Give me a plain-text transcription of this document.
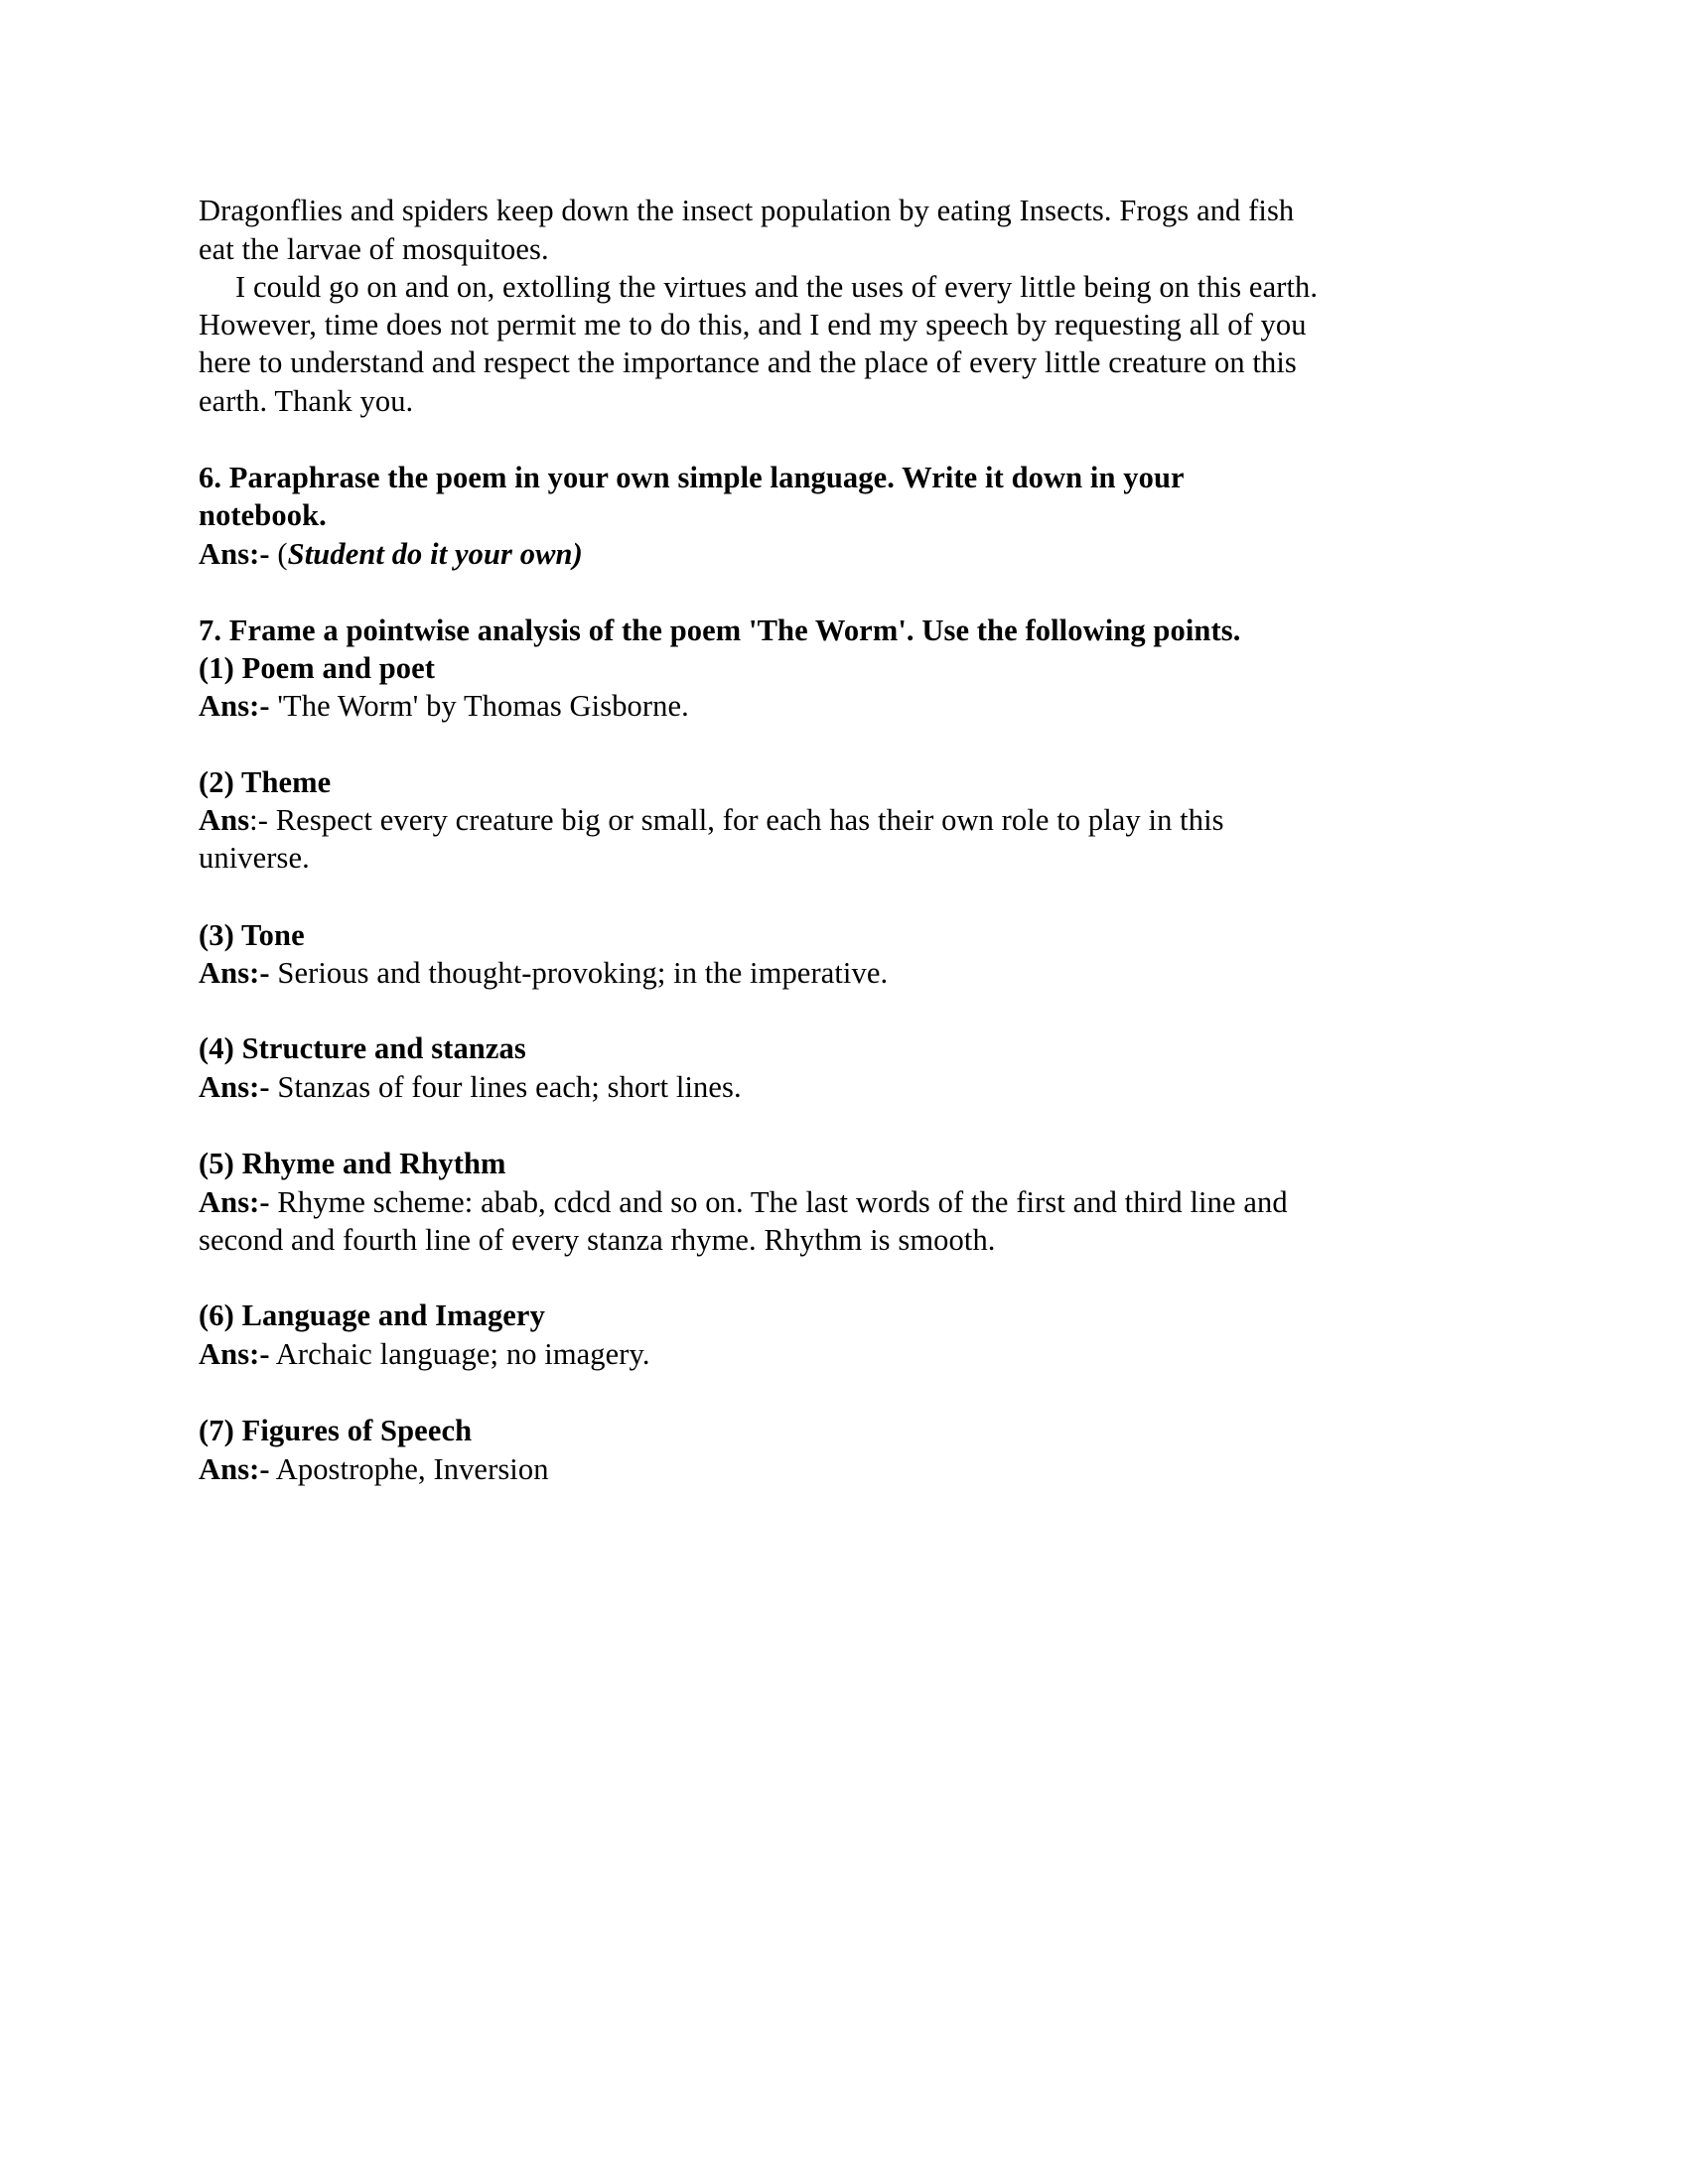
Dragonflies and spiders keep down the insect population by eating Insects. Frogs and fish
eat the larvae of mosquitoes.
I could go on and on, extolling the virtues and the uses of every little being on this earth.
However, time does not permit me to do this, and I end my speech by requesting all of you
here to understand and respect the importance and the place of every little creature on this
earth. Thank you.
6. Paraphrase the poem in your own simple language. Write it down in your
notebook.
Ans:- (Student do it your own)
7. Frame a pointwise analysis of the poem 'The Worm'. Use the following points.
(1) Poem and poet
Ans:- 'The Worm' by Thomas Gisborne.
(2) Theme
Ans:- Respect every creature big or small, for each has their own role to play in this
universe.
(3) Tone
Ans:- Serious and thought-provoking; in the imperative.
(4) Structure and stanzas
Ans:- Stanzas of four lines each; short lines.
(5) Rhyme and Rhythm
Ans:- Rhyme scheme: abab, cdcd and so on. The last words of the first and third line and
second and fourth line of every stanza rhyme. Rhythm is smooth.
(6) Language and Imagery
Ans:- Archaic language; no imagery.
(7) Figures of Speech
Ans:- Apostrophe, Inversion
